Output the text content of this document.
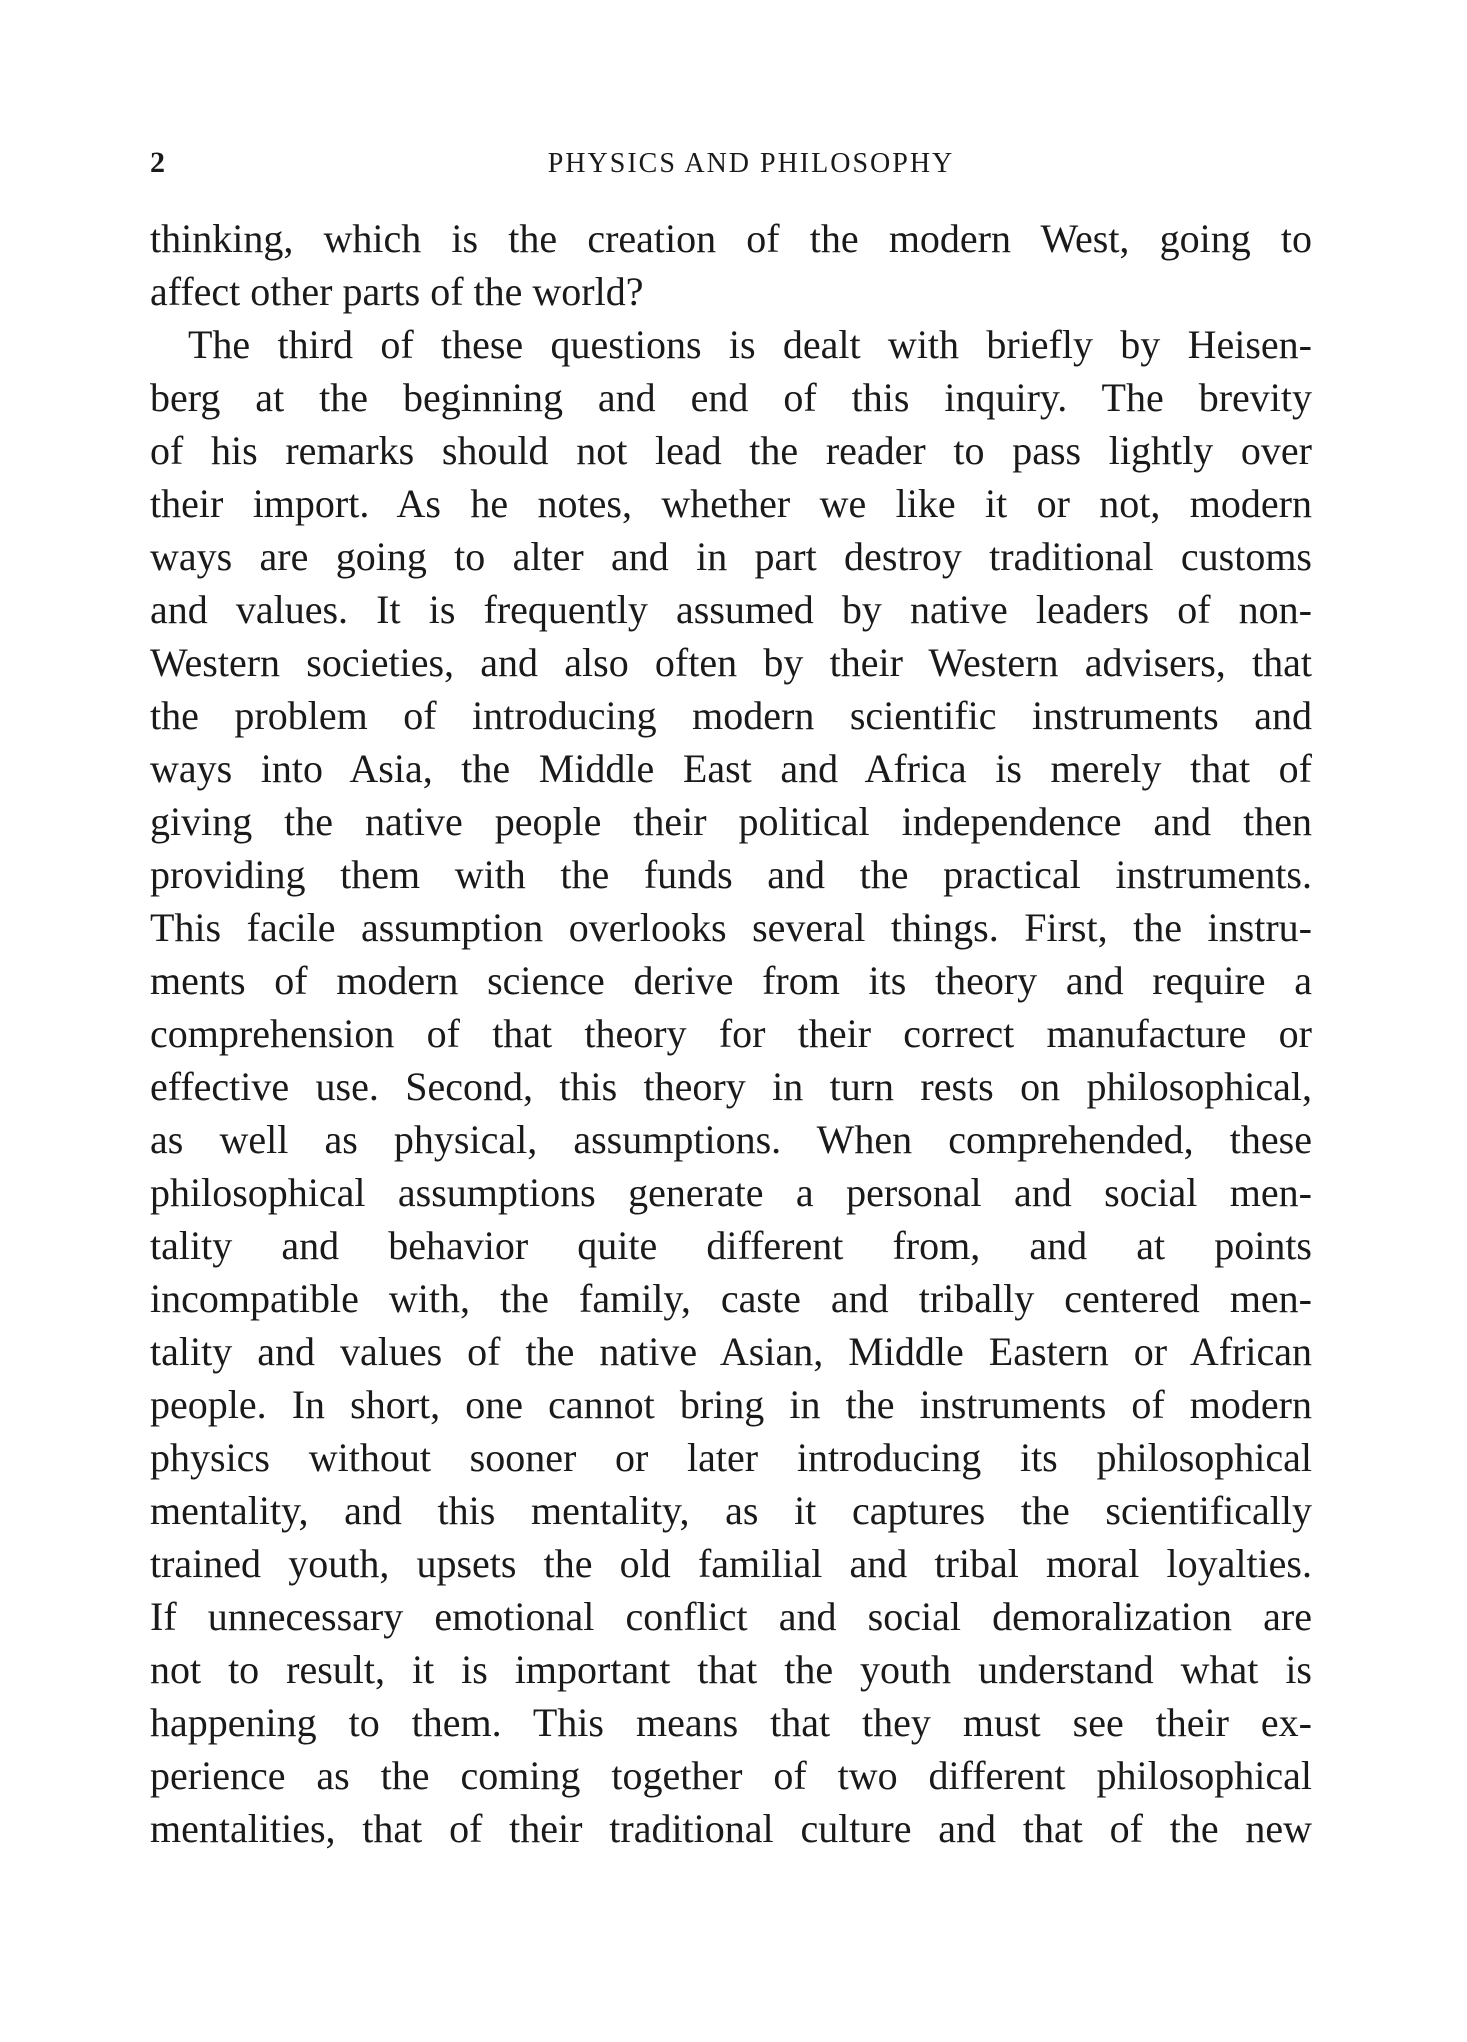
2	PHYSICS AND PHILOSOPHY
thinking, which is the creation of the modern West, going to
affect other parts of the world?
The third of these questions is dealt with briefly by Heisen-
berg at the beginning and end of this inquiry. The brevity
of his remarks should not lead the reader to pass lightly over
their import. As he notes, whether we like it or not, modern
ways are going to alter and in part destroy traditional customs
and values. It is frequently assumed by native leaders of non-
Western societies, and also often by their Western advisers, that
the problem of introducing modern scientific instruments and
ways into Asia, the Middle East and Africa is merely that of
giving the native people their political independence and then
providing them with the funds and the practical instruments.
This facile assumption overlooks several things. First, the instru-
ments of modern science derive from its theory and require a
comprehension of that theory for their correct manufacture or
effective use. Second, this theory in turn rests on philosophical,
as well as physical, assumptions. When comprehended, these
philosophical assumptions generate a personal and social men-
tality and behavior quite different from, and at points
incompatible with, the family, caste and tribally centered men-
tality and values of the native Asian, Middle Eastern or African
people. In short, one cannot bring in the instruments of modern
physics without sooner or later introducing its philosophical
mentality, and this mentality, as it captures the scientifically
trained youth, upsets the old familial and tribal moral loyalties.
If unnecessary emotional conflict and social demoralization are
not to result, it is important that the youth understand what is
happening to them. This means that they must see their ex-
perience as the coming together of two different philosophical
mentalities, that of their traditional culture and that of the new
